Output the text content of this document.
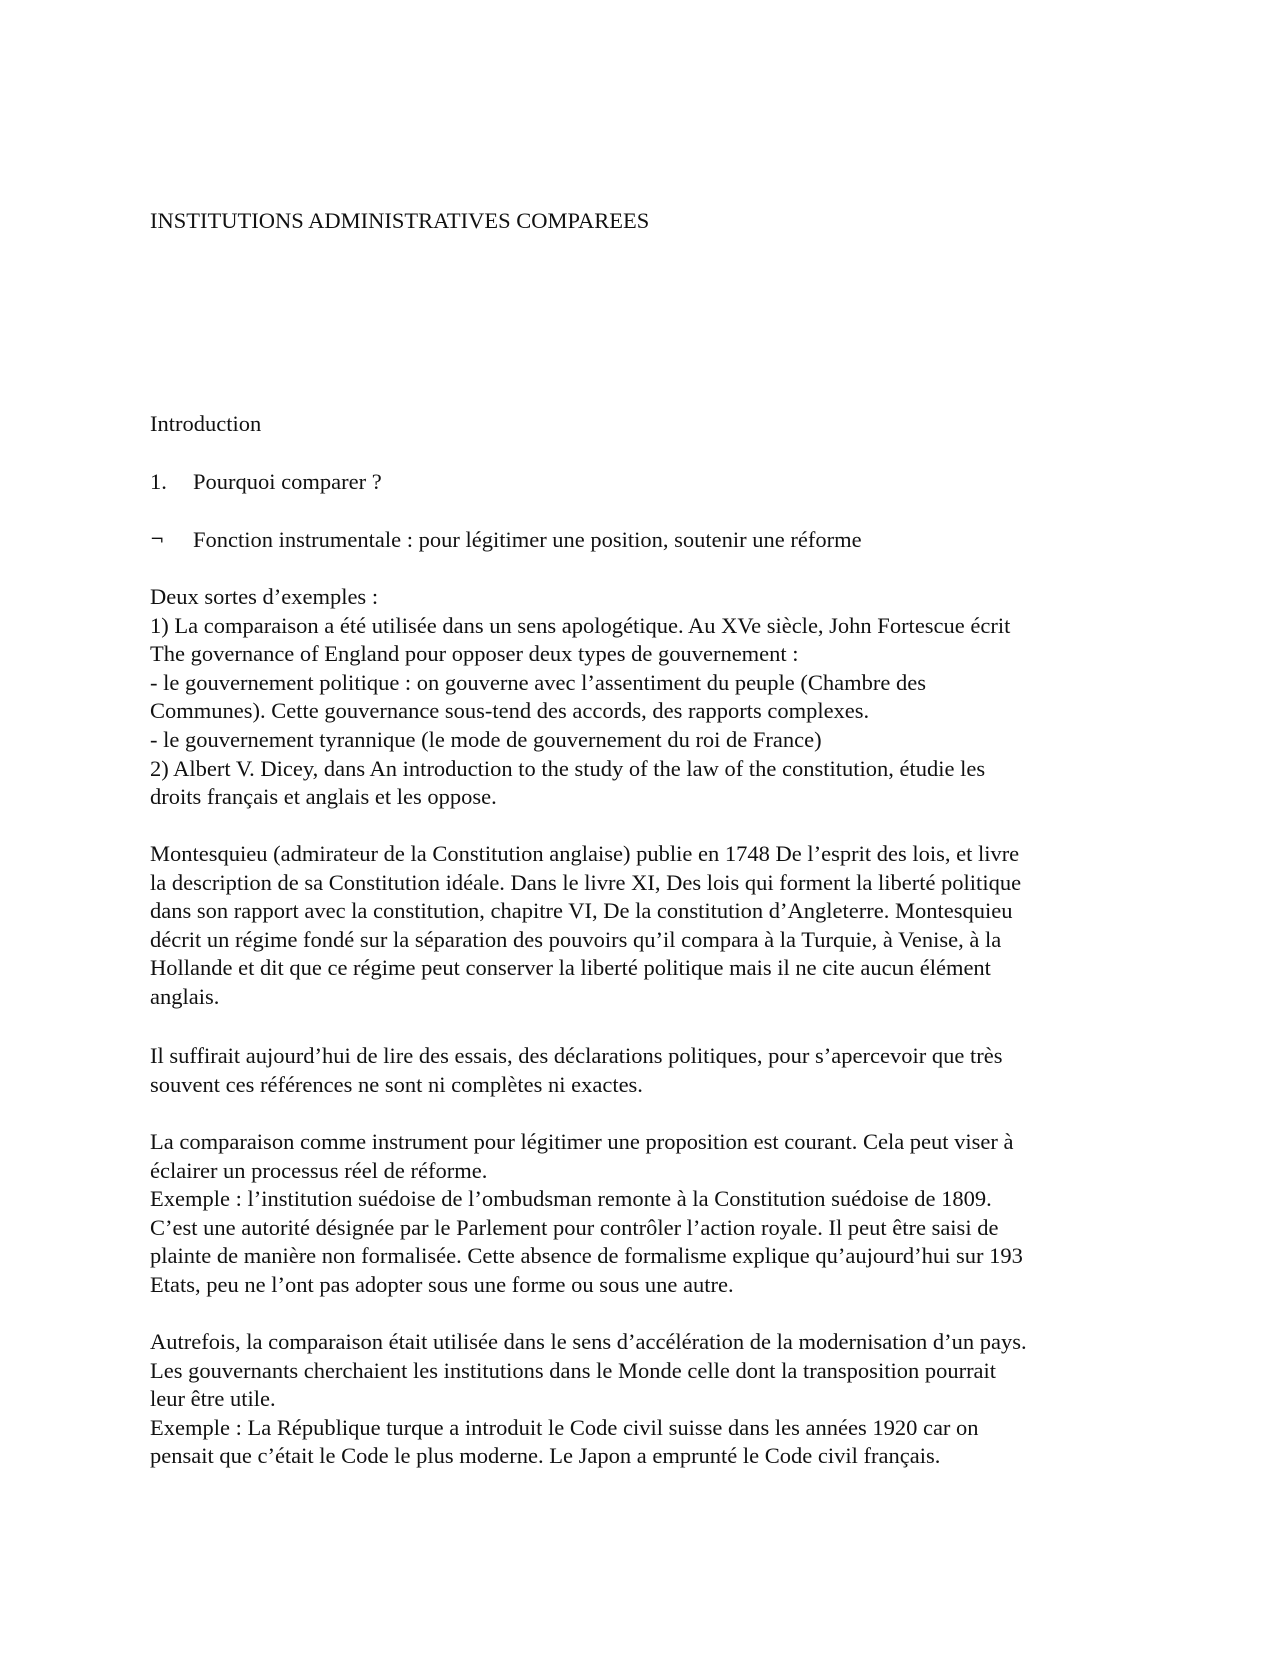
INSTITUTIONS ADMINISTRATIVES COMPAREES
Introduction
1.	Pourquoi comparer ?
¬	Fonction instrumentale : pour légitimer une position, soutenir une réforme
Deux sortes d’exemples :
1) La comparaison a été utilisée dans un sens apologétique. Au XVe siècle, John Fortescue écrit
The governance of England pour opposer deux types de gouvernement :
- le gouvernement politique : on gouverne avec l’assentiment du peuple (Chambre des
Communes). Cette gouvernance sous-tend des accords, des rapports complexes.
- le gouvernement tyrannique (le mode de gouvernement du roi de France)
2) Albert V. Dicey, dans An introduction to the study of the law of the constitution, étudie les
droits français et anglais et les oppose.
Montesquieu (admirateur de la Constitution anglaise) publie en 1748 De l’esprit des lois, et livre
la description de sa Constitution idéale. Dans le livre XI, Des lois qui forment la liberté politique
dans son rapport avec la constitution, chapitre VI, De la constitution d’Angleterre. Montesquieu
décrit un régime fondé sur la séparation des pouvoirs qu’il compara à la Turquie, à Venise, à la
Hollande et dit que ce régime peut conserver la liberté politique mais il ne cite aucun élément
anglais.
Il suffirait aujourd’hui de lire des essais, des déclarations politiques, pour s’apercevoir que très
souvent ces références ne sont ni complètes ni exactes.
La comparaison comme instrument pour légitimer une proposition est courant. Cela peut viser à
éclairer un processus réel de réforme.
Exemple : l’institution suédoise de l’ombudsman remonte à la Constitution suédoise de 1809.
C’est une autorité désignée par le Parlement pour contrôler l’action royale. Il peut être saisi de
plainte de manière non formalisée. Cette absence de formalisme explique qu’aujourd’hui sur 193
Etats, peu ne l’ont pas adopter sous une forme ou sous une autre.
Autrefois, la comparaison était utilisée dans le sens d’accélération de la modernisation d’un pays.
Les gouvernants cherchaient les institutions dans le Monde celle dont la transposition pourrait
leur être utile.
Exemple : La République turque a introduit le Code civil suisse dans les années 1920 car on
pensait que c’était le Code le plus moderne. Le Japon a emprunté le Code civil français.
